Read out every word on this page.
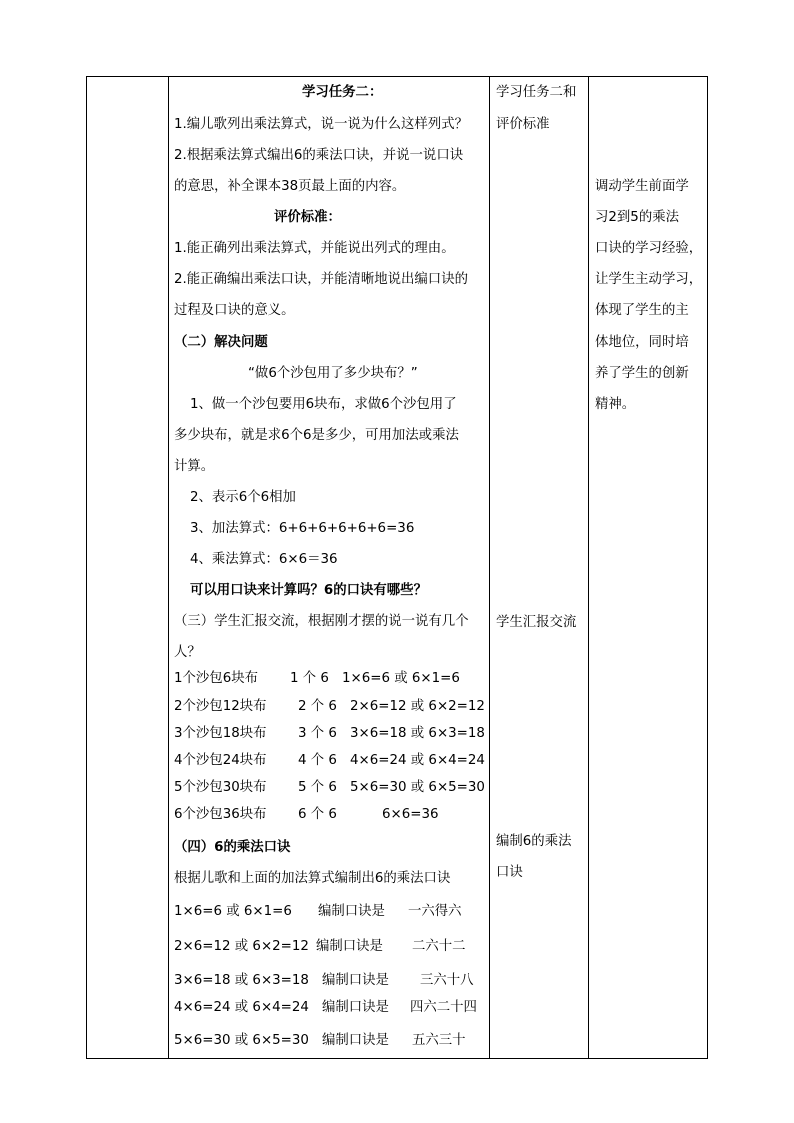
学习任务二：
1.编儿歌列出乘法算式，说一说为什么这样列式？
2.根据乘法算式编出6的乘法口诀，并说一说口诀
的意思，补全课本38页最上面的内容。
评价标准：
1.能正确列出乘法算式，并能说出列式的理由。
2.能正确编出乘法口诀，并能清晰地说出编口诀的
过程及口诀的意义。
（二）解决问题
“做6个沙包用了多少块布？”
1、做一个沙包要用6块布，求做6个沙包用了
多少块布，就是求6个6是多少，可用加法或乘法
计算。
2、表示6个6相加
3、加法算式：6+6+6+6+6+6=36
4、乘法算式：6×6＝36
可以用口诀来计算吗？6的口诀有哪些？
（三）学生汇报交流，根据刚才摆的说一说有几个
人？
1个沙包6块布 1 个 6 1×6=6 或 6×1=6
2个沙包12块布 2 个 6 2×6=12 或 6×2=12
3个沙包18块布 3 个 6 3×6=18 或 6×3=18
4个沙包24块布 4 个 6 4×6=24 或 6×4=24
5个沙包30块布 5 个 6 5×6=30 或 6×5=30
6个沙包36块布 6 个 6	6×6=36
（四）6的乘法口诀
根据儿歌和上面的加法算式编制出6的乘法口诀
1×6=6 或 6×1=6 编制口诀是 一六得六
2×6=12 或 6×2=12 编制口诀是 二六十二
3×6=18 或 6×3=18 编制口诀是 三六十八
4×6=24 或 6×4=24 编制口诀是 四六二十四
5×6=30 或 6×5=30 编制口诀是 五六三十
学习任务二和
评价标准
学生汇报交流
编制6的乘法
口诀
调动学生前面学
习2到5的乘法
口诀的学习经验，
让学生主动学习，
体现了学生的主
体地位，同时培
养了学生的创新
精神。
